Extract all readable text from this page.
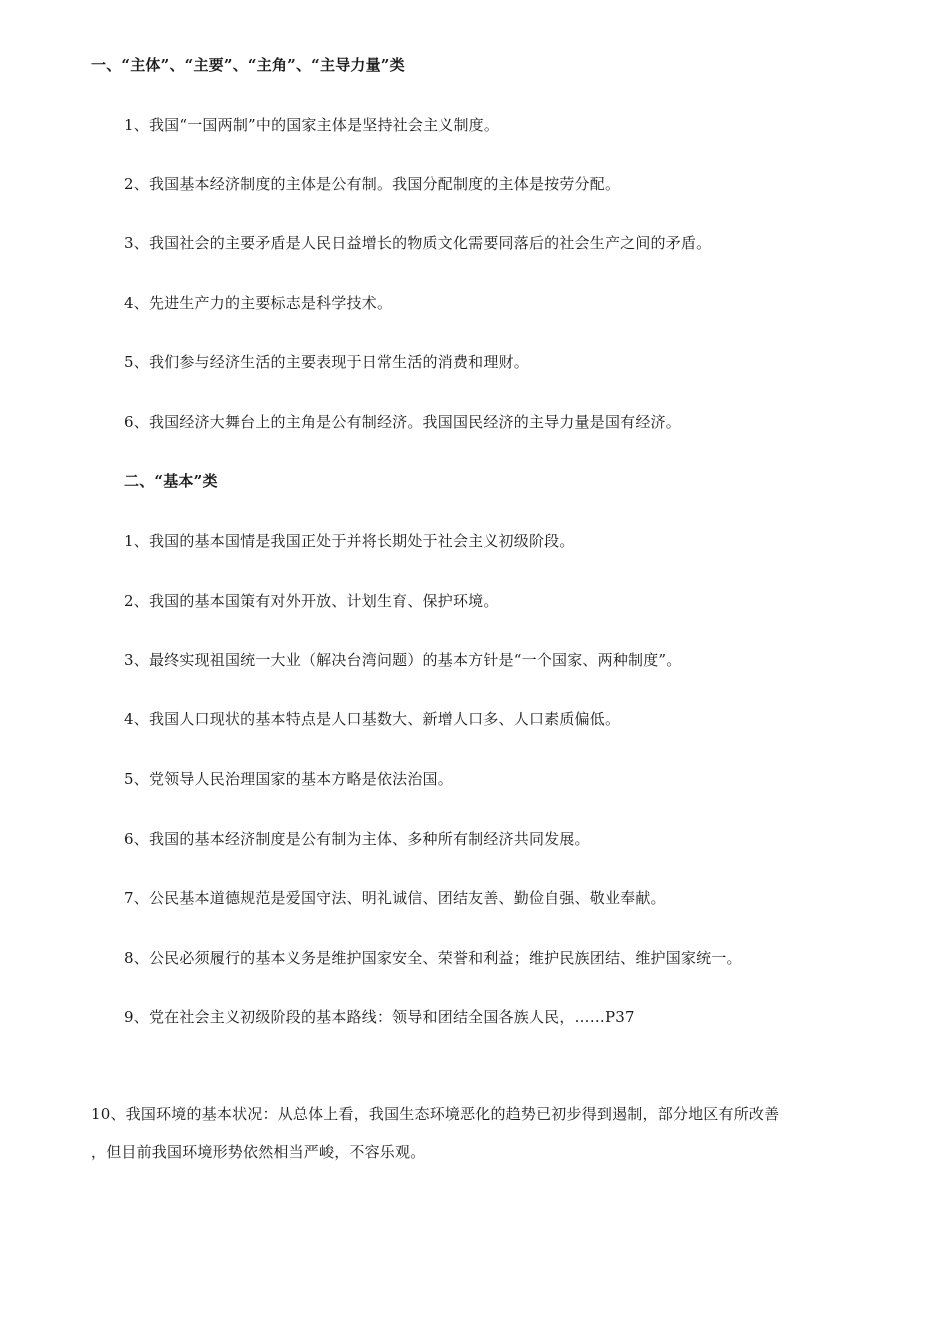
一、“主体”、“主要”、“主角”、“主导力量”类
1、我国“一国两制”中的国家主体是坚持社会主义制度。
2、我国基本经济制度的主体是公有制。我国分配制度的主体是按劳分配。
3、我国社会的主要矛盾是人民日益增长的物质文化需要同落后的社会生产之间的矛盾。
4、先进生产力的主要标志是科学技术。
5、我们参与经济生活的主要表现于日常生活的消费和理财。
6、我国经济大舞台上的主角是公有制经济。我国国民经济的主导力量是国有经济。
二、“基本”类
1、我国的基本国情是我国正处于并将长期处于社会主义初级阶段。
2、我国的基本国策有对外开放、计划生育、保护环境。
3、最终实现祖国统一大业（解决台湾问题）的基本方针是“一个国家、两种制度”。
4、我国人口现状的基本特点是人口基数大、新增人口多、人口素质偏低。
5、党领导人民治理国家的基本方略是依法治国。
6、我国的基本经济制度是公有制为主体、多种所有制经济共同发展。
7、公民基本道德规范是爱国守法、明礼诚信、团结友善、勤俭自强、敬业奉献。
8、公民必须履行的基本义务是维护国家安全、荣誉和利益；维护民族团结、维护国家统一。
9、党在社会主义初级阶段的基本路线：领导和团结全国各族人民，……P37
10、我国环境的基本状况：从总体上看，我国生态环境恶化的趋势已初步得到遏制，部分地区有所改善
，但目前我国环境形势依然相当严峻，不容乐观。
